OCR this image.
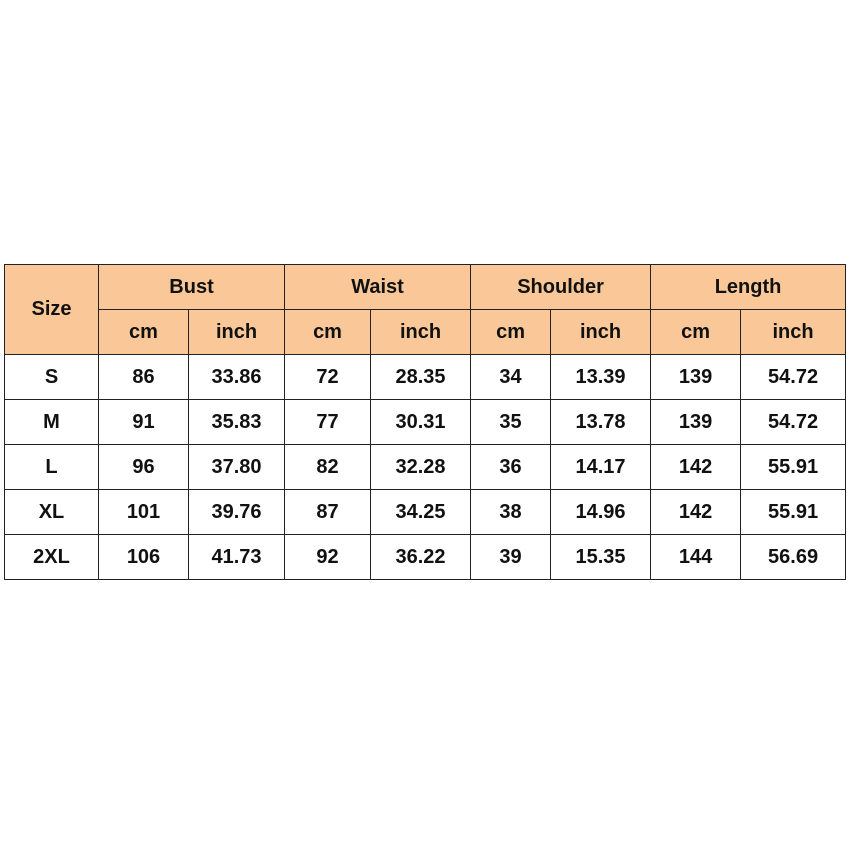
Size	Bust		Waist		Shoulder		Length	
	cm	inch	cm	inch	cm	inch	cm	inch
S	86	33.86	72	28.35	34	13.39	139	54.72
M	91	35.83	77	30.31	35	13.78	139	54.72
L	96	37.80	82	32.28	36	14.17	142	55.91
XL	101	39.76	87	34.25	38	14.96	142	55.91
2XL	106	41.73	92	36.22	39	15.35	144	56.69
